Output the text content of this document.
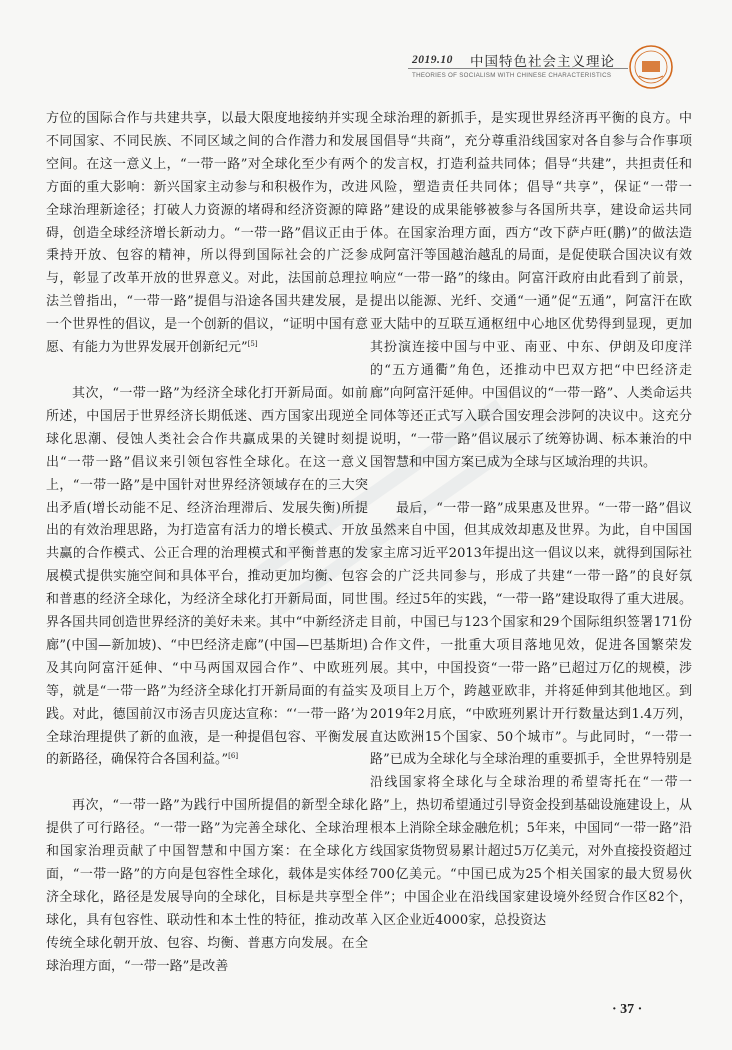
2019.10 中国特色社会主义理论
THEORIES OF SOCIALISM WITH CHINESE CHARACTERISTICS

方位的国际合作与共建共享，以最大限度地接纳并实现不同国家、不同民族、不同区域之间的合作潜力和发展空间。在这一意义上，“一带一路”对全球化至少有两个方面的重大影响：新兴国家主动参与和积极作为，改进全球治理新途径；打破人力资源的堵碍和经济资源的障碍，创造全球经济增长新动力。“一带一路”倡议正由于秉持开放、包容的精神，所以得到国际社会的广泛参与，彰显了改革开放的世界意义。对此，法国前总理拉法兰曾指出，“一带一路”提倡与沿途各国共建发展，是一个世界性的倡议，是一个创新的倡议，“证明中国有意愿、有能力为世界发展开创新纪元”[5]

其次，“一带一路”为经济全球化打开新局面。如前所述，中国居于世界经济长期低迷、西方国家出现逆全球化思潮、侵蚀人类社会合作共赢成果的关键时刻提出“一带一路”倡议来引领包容性全球化。在这一意义上，“一带一路”是中国针对世界经济领域存在的三大突出矛盾(增长动能不足、经济治理滞后、发展失衡)所提出的有效治理思路，为打造富有活力的增长模式、开放共赢的合作模式、公正合理的治理模式和平衡普惠的发展模式提供实施空间和具体平台，推动更加均衡、包容和普惠的经济全球化，为经济全球化打开新局面，同世界各国共同创造世界经济的美好未来。其中“中新经济走廊”(中国—新加坡)、“中巴经济走廊”(中国—巴基斯坦)及其向阿富汗延伸、“中马两国双园合作”、中欧班列等，就是“一带一路”为经济全球化打开新局面的有益实践。对此，德国前汉市汤吉贝庞达宣称：“‘一带一路’为全球治理提供了新的血液，是一种提倡包容、平衡发展的新路径，确保符合各国利益。”[6]

再次，“一带一路”为践行中国所提倡的新型全球化提供了可行路径。“一带一路”为完善全球化、全球治理和国家治理贡献了中国智慧和中国方案：在全球化方面，“一带一路”的方向是包容性全球化，载体是实体经济全球化，路径是发展导向的全球化，目标是共享型全球化，具有包容性、联动性和本土性的特征，推动改革传统全球化朝开放、包容、均衡、普惠方向发展。在全球治理方面，“一带一路”是改善

全球治理的新抓手，是实现世界经济再平衡的良方。中国倡导“共商”，充分尊重沿线国家对各自参与合作事项的发言权，打造利益共同体；倡导“共建”，共担责任和风险，塑造责任共同体；倡导“共享”，保证“一带一路”建设的成果能够被参与各国所共享，建设命运共同体。在国家治理方面，西方“改下萨卢旺(鹏)”的做法造成阿富汗等国越治越乱的局面，是促使联合国决议有效响应“一带一路”的缘由。阿富汗政府由此看到了前景，提出以能源、光纤、交通“一通”促“五通”，阿富汗在欧亚大陆中的互联互通枢纽中心地区优势得到显现，更加其扮演连接中国与中亚、南亚、中东、伊朗及印度洋的“五方通衢”角色，还推动中巴双方把“中巴经济走廊”向阿富汗延伸。中国倡议的“一带一路”、人类命运共同体等还正式写入联合国安理会涉阿的决议中。这充分说明，“一带一路”倡议展示了统筹协调、标本兼治的中国智慧和中国方案已成为全球与区域治理的共识。

最后，“一带一路”成果惠及世界。“一带一路”倡议虽然来自中国，但其成效却惠及世界。为此，自中国国家主席习近平2013年提出这一倡议以来，就得到国际社会的广泛共同参与，形成了共建“一带一路”的良好氛围。经过5年的实践，“一带一路”建设取得了重大进展。目前，中国已与123个国家和29个国际组织签署171份合作文件，一批重大项目落地见效，促进各国繁荣发展。其中，中国投资“一带一路”已超过万亿的规模，涉及项目上万个，跨越亚欧非，并将延伸到其他地区。到2019年2月底，“中欧班列累计开行数量达到1.4万列，直达欧洲15个国家、50个城市”。与此同时，“一带一路”已成为全球化与全球治理的重要抓手，全世界特别是沿线国家将全球化与全球治理的希望寄托在“一带一路”上，热切希望通过引导资金投到基础设施建设上，从根本上消除全球金融危机；5年来，中国同“一带一路”沿线国家货物贸易累计超过5万亿美元，对外直接投资超过700亿美元。“中国已成为25个相关国家的最大贸易伙伴”；中国企业在沿线国家建设境外经贸合作区82个，入区企业近4000家，总投资达

· 37 ·
